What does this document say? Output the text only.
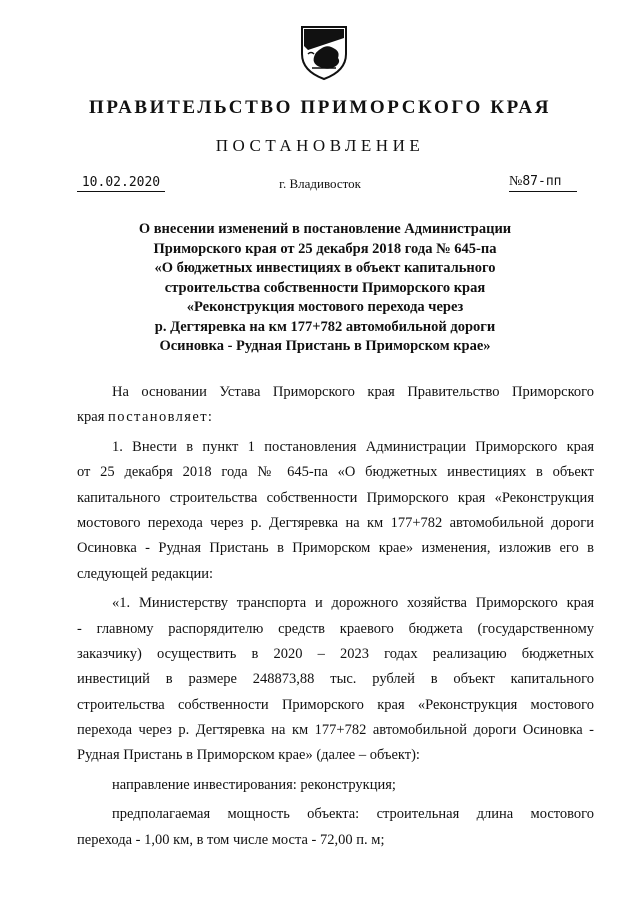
ПРАВИТЕЛЬСТВО ПРИМОРСКОГО КРАЯ
ПОСТАНОВЛЕНИЕ
10.02.2020	г. Владивосток	№87-пп
О внесении изменений в постановление Администрации
Приморского края от 25 декабря 2018 года № 645-па
«О бюджетных инвестициях в объект капитального
строительства собственности Приморского края
«Реконструкция мостового перехода через
р. Дегтяревка на км 177+782 автомобильной дороги
Осиновка - Рудная Пристань в Приморском крае»
На основании Устава Приморского края Правительство Приморского
края постановляет:
1. Внести в пункт 1 постановления Администрации Приморского края
от 25 декабря 2018 года № 645-па «О бюджетных инвестициях в объект
капитального строительства собственности Приморского края «Реконструкция
мостового перехода через р. Дегтяревка на км 177+782 автомобильной дороги
Осиновка - Рудная Пристань в Приморском крае» изменения, изложив его в
следующей редакции:
«1. Министерству транспорта и дорожного хозяйства Приморского края
- главному распорядителю средств краевого бюджета (государственному
заказчику) осуществить в 2020 – 2023 годах реализацию бюджетных
инвестиций в размере 248873,88 тыс. рублей в объект капитального
строительства собственности Приморского края «Реконструкция мостового
перехода через р. Дегтяревка на км 177+782 автомобильной дороги Осиновка -
Рудная Пристань в Приморском крае» (далее – объект):
направление инвестирования: реконструкция;
предполагаемая мощность объекта: строительная длина мостового
перехода - 1,00 км, в том числе моста - 72,00 п. м;
